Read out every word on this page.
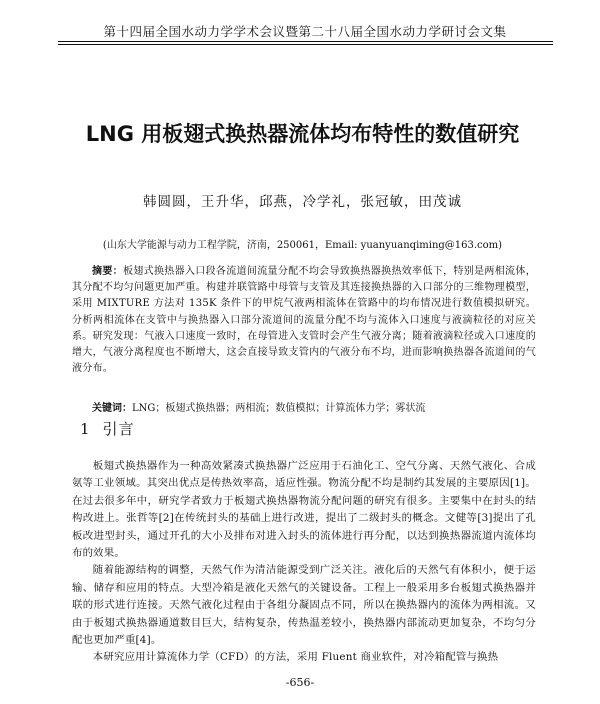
第十四届全国水动力学学术会议暨第二十八届全国水动力学研讨会文集
LNG 用板翅式换热器流体均布特性的数值研究
韩圆圆，王升华，邱燕，冷学礼，张冠敏，田茂诚
(山东大学能源与动力工程学院，济南，250061，Email: yuanyuanqiming@163.com)
摘要：板翅式换热器入口段各流道间流量分配不均会导致换热器换热效率低下，特别是两相流体，其分配不均匀问题更加严重。构建并联管路中母管与支管及其连接换热器的入口部分的三维物理模型，采用 MIXTURE 方法对 135K 条件下的甲烷气液两相流体在管路中的均布情况进行数值模拟研究。分析两相流体在支管中与换热器入口部分流道间的流量分配不均与流体入口速度与液滴粒径的对应关系。研究发现：气液入口速度一致时，在母管进入支管时会产生气液分离；随着液滴粒径或入口速度的增大，气液分离程度也不断增大，这会直接导致支管内的气液分布不均，进而影响换热器各流道间的气液分布。
关键词：LNG；板翅式换热器；两相流；数值模拟；计算流体力学；雾状流
1 引言

板翅式换热器作为一种高效紧凑式换热器广泛应用于石油化工、空气分离、天然气液化、合成氨等工业领域。其突出优点是传热效率高，适应性强。物流分配不均是制约其发展的主要原因[1]。在过去很多年中，研究学者致力于板翅式换热器物流分配问题的研究有很多。主要集中在封头的结构改进上。张哲等[2]在传统封头的基础上进行改进，提出了二级封头的概念。文健等[3]提出了孔板改进型封头，通过开孔的大小及排布对进入封头的流体进行再分配，以达到换热器流道内流体均布的效果。

随着能源结构的调整，天然气作为清洁能源受到广泛关注。液化后的天然气有体积小，便于运输、储存和应用的特点。大型冷箱是液化天然气的关键设备。工程上一般采用多台板翅式换热器并联的形式进行连接。天然气液化过程由于各组分凝固点不同，所以在换热器内的流体为两相流。又由于板翅式换热器通道数目巨大，结构复杂，传热温差较小，换热器内部流动更加复杂，不均匀分配也更加严重[4]。

本研究应用计算流体力学（CFD）的方法，采用 Fluent 商业软件，对冷箱配管与换热

-656-
